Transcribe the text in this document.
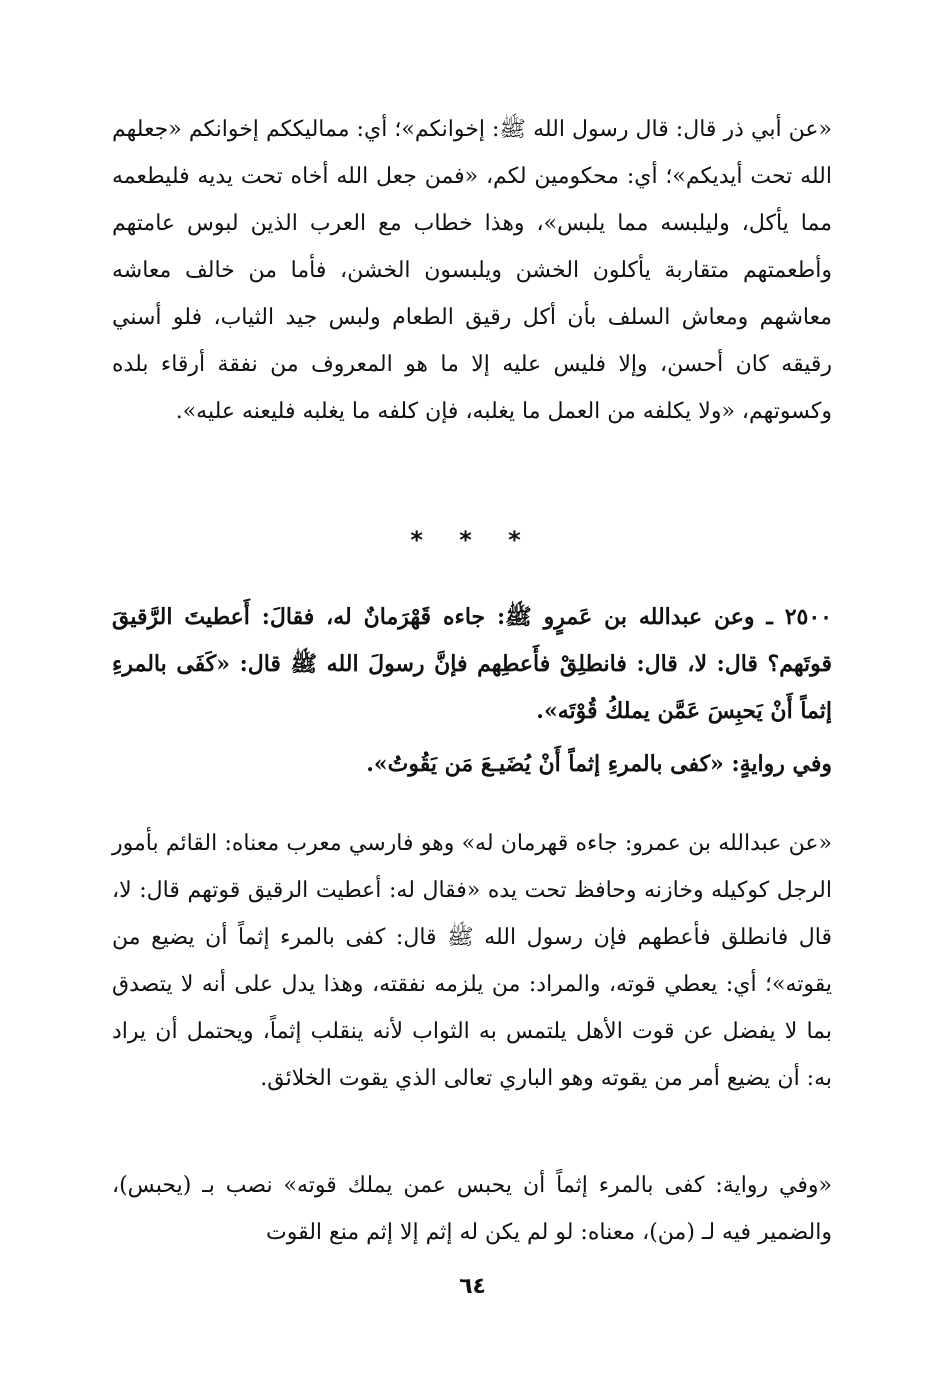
«عن أبي ذر قال: قال رسول الله ﷺ: إخوانكم»؛ أي: مماليككم إخوانكم «جعلهم الله تحت أيديكم»؛ أي: محكومين لكم، «فمن جعل الله أخاه تحت يديه فليطعمه مما يأكل، وليلبسه مما يلبس»، وهذا خطاب مع العرب الذين لبوس عامتهم وأطعمتهم متقاربة يأكلون الخشن ويلبسون الخشن، فأما من خالف معاشه معاشهم ومعاش السلف بأن أكل رقيق الطعام ولبس جيد الثياب، فلو أسني رقيقه كان أحسن، وإلا فليس عليه إلا ما هو المعروف من نفقة أرقاء بلده وكسوتهم، «ولا يكلفه من العمل ما يغلبه، فإن كلفه ما يغلبه فليعنه عليه».

* * *

٢٥٠٠ ـ وعن عبدالله بن عَمرٍو ﷺ: جاءه قَهْرَمانٌ له، فقالَ: أَعطيتَ الرَّقيقَ قوتَهم؟ قال: لا، قال: فانطلِقْ فأَعطِهم فإنَّ رسولَ الله ﷺ قال: «كَفَى بالمرءِ إثماً أَنْ يَحبِسَ عَمَّن يملكُ قُوْتَه».

وفي روايةٍ: «كفى بالمرءِ إثماً أَنْ يُضَيـعَ مَن يَقُوتُ».

«عن عبدالله بن عمرو: جاءه قهرمان له» وهو فارسي معرب معناه: القائم بأمور الرجل كوكيله وخازنه وحافظ تحت يده «فقال له: أعطيت الرقيق قوتهم قال: لا، قال فانطلق فأعطهم فإن رسول الله ﷺ قال: كفى بالمرء إثماً أن يضيع من يقوته»؛ أي: يعطي قوته، والمراد: من يلزمه نفقته، وهذا يدل على أنه لا يتصدق بما لا يفضل عن قوت الأهل يلتمس به الثواب لأنه ينقلب إثماً، ويحتمل أن يراد به: أن يضيع أمر من يقوته وهو الباري تعالى الذي يقوت الخلائق.

«وفي رواية: كفى بالمرء إثماً أن يحبس عمن يملك قوته» نصب بـ (يحبس)، والضمير فيه لـ (من)، معناه: لو لم يكن له إثم إلا إثم منع القوت

٦٤
